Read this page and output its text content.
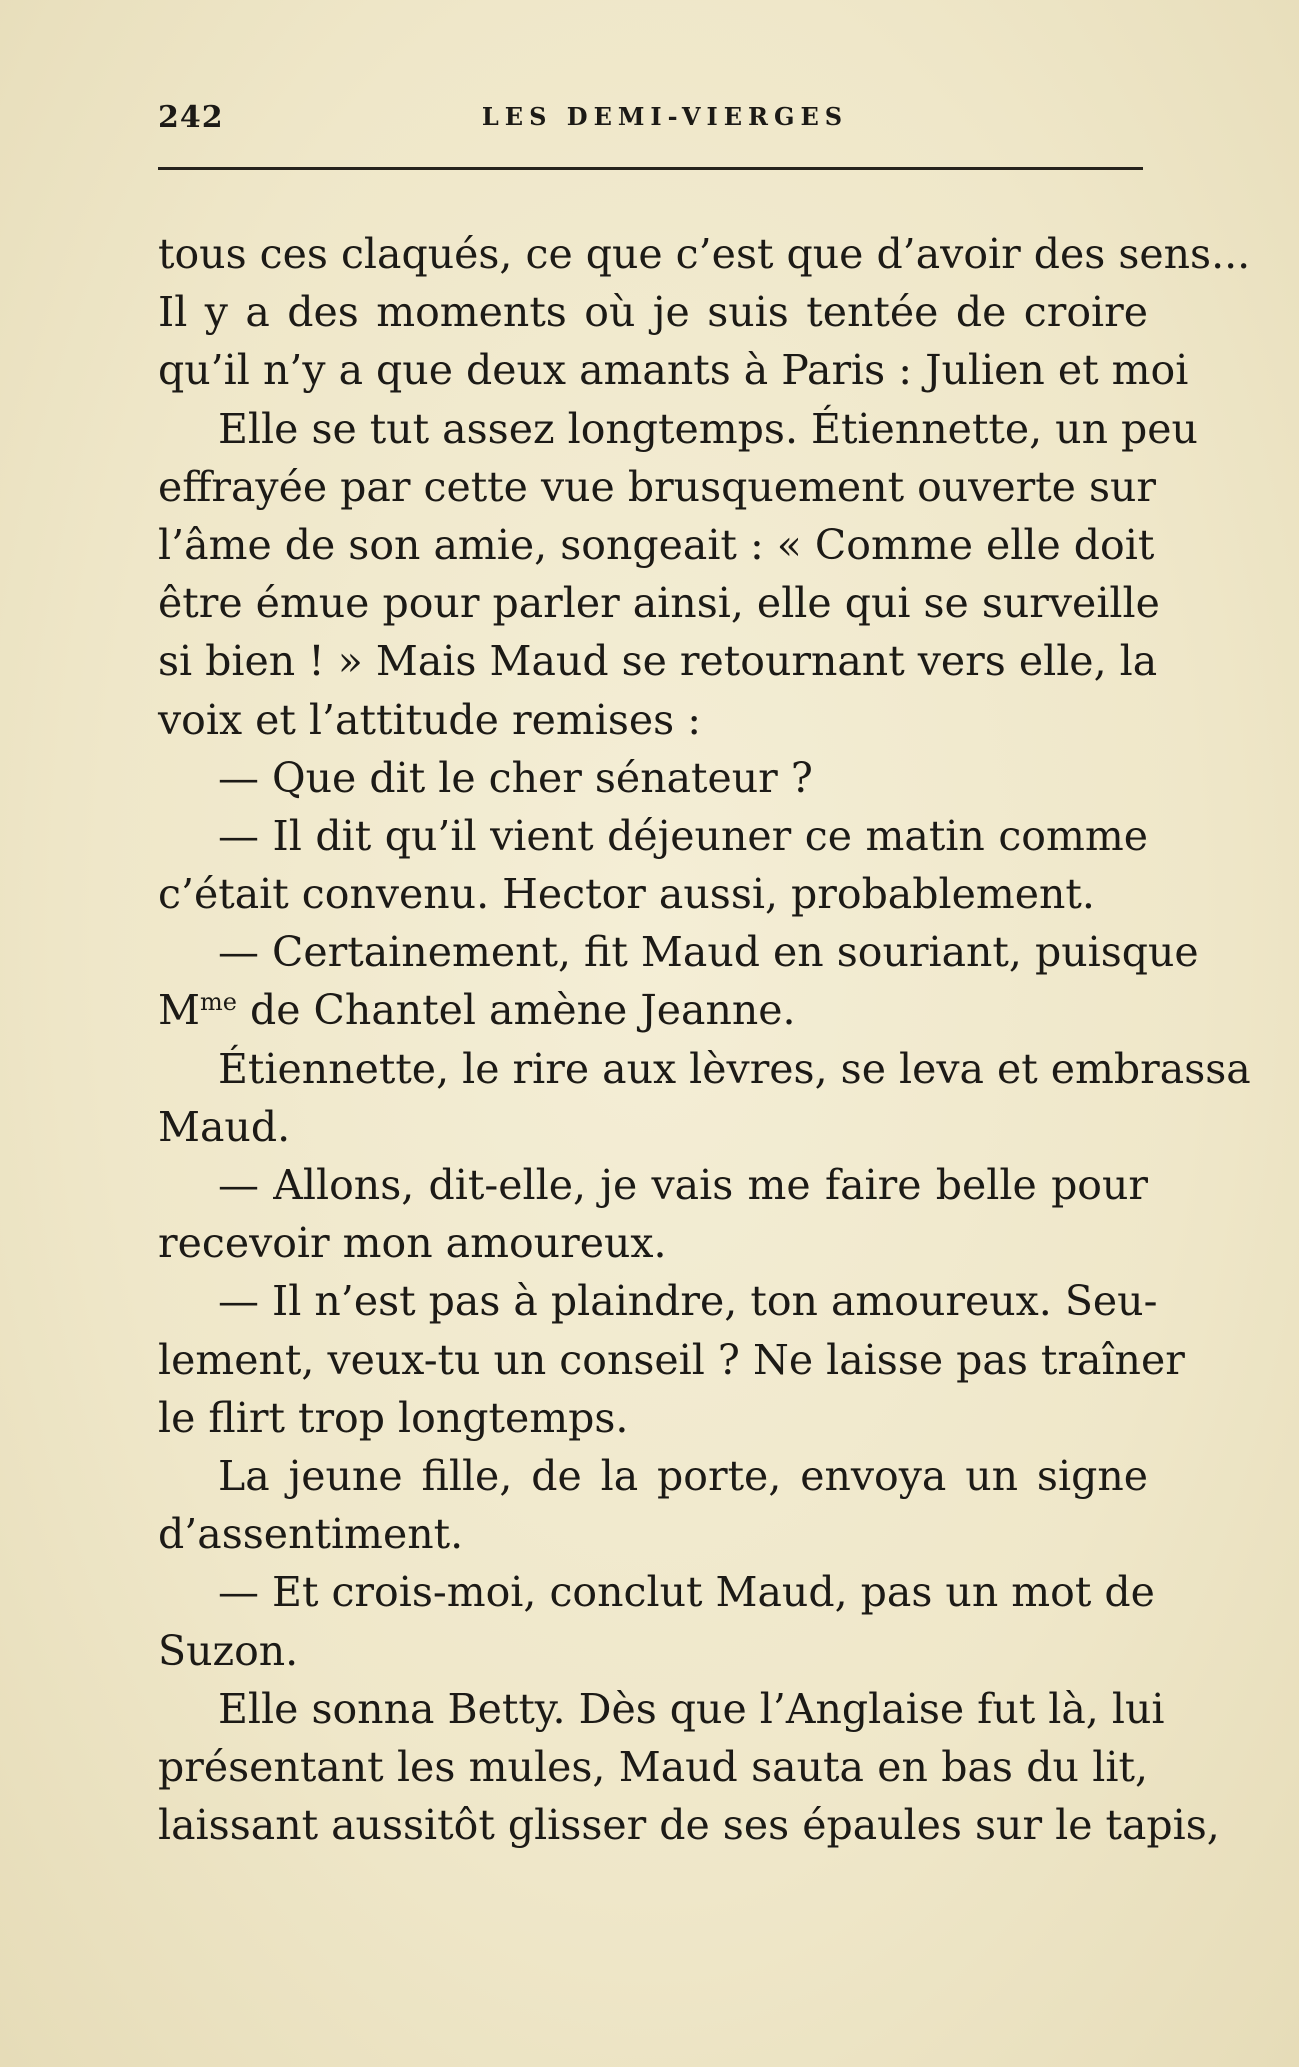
242	LES DEMI-VIERGES
tous ces claqués, ce que c’est que d’avoir des sens...
Il y a des moments où je suis tentée de croire
qu’il n’y a que deux amants à Paris : Julien et moi
Elle se tut assez longtemps. Étiennette, un peu
effrayée par cette vue brusquement ouverte sur
l’âme de son amie, songeait : « Comme elle doit
être émue pour parler ainsi, elle qui se surveille
si bien ! » Mais Maud se retournant vers elle, la
voix et l’attitude remises :
— Que dit le cher sénateur ?
— Il dit qu’il vient déjeuner ce matin comme
c’était convenu. Hector aussi, probablement.
— Certainement, fit Maud en souriant, puisque
$M^{me}$ de Chantel amène Jeanne.
Étiennette, le rire aux lèvres, se leva et embrassa
Maud.
— Allons, dit-elle, je vais me faire belle pour
recevoir mon amoureux.
— Il n’est pas à plaindre, ton amoureux. Seu-
lement, veux-tu un conseil ? Ne laisse pas traîner
le flirt trop longtemps.
La jeune fille, de la porte, envoya un signe
d’assentiment.
— Et crois-moi, conclut Maud, pas un mot de
Suzon.
Elle sonna Betty. Dès que l’Anglaise fut là, lui
présentant les mules, Maud sauta en bas du lit,
laissant aussitôt glisser de ses épaules sur le tapis,
